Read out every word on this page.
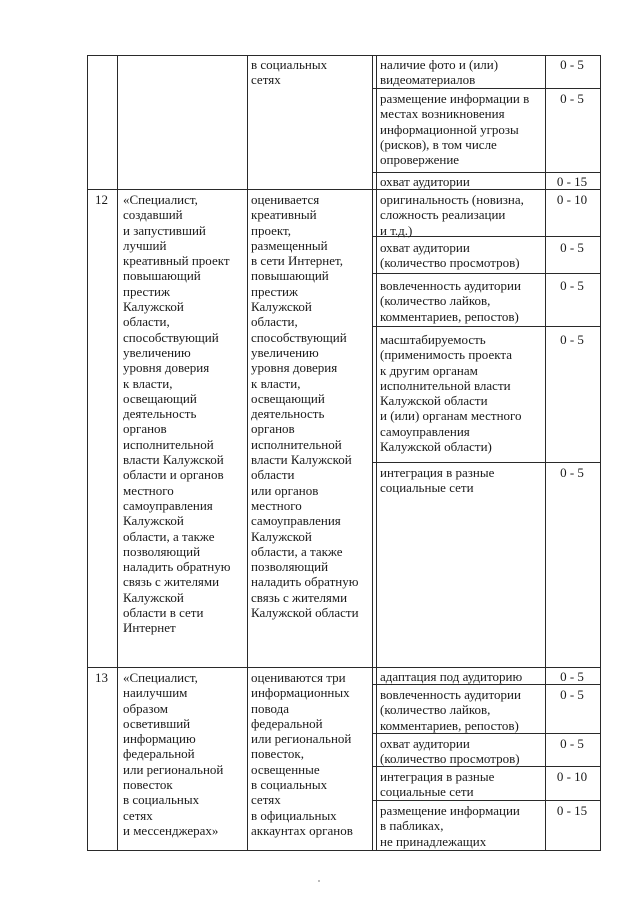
в социальных
сетях
наличие фото и (или)
видеоматериалов
0 - 5
размещение информации в
местах возникновения
информационной угрозы
(рисков), в том числе
опровержение
0 - 5
охват аудитории	0 - 15
12 «Специалист,
создавший
и запустивший
лучший
креативный проект
повышающий
престиж
Калужской
области,
способствующий
увеличению
уровня доверия
к власти,
освещающий
деятельность
органов
исполнительной
власти Калужской
области и органов
местного
самоуправления
Калужской
области, а также
позволяющий
наладить обратную
связь с жителями
Калужской
области в сети
Интернет
оценивается
креативный
проект,
размещенный
в сети Интернет,
повышающий
престиж
Калужской
области,
способствующий
увеличению
уровня доверия
к власти,
освещающий
деятельность
органов
исполнительной
власти Калужской
области
или органов
местного
самоуправления
Калужской
области, а также
позволяющий
наладить обратную
связь с жителями
Калужской области
оригинальность (новизна,
сложность реализации
и т.д.)
0 - 10
охват аудитории
(количество просмотров)
0 - 5
вовлеченность аудитории
(количество лайков,
комментариев, репостов)
0 - 5
масштабируемость
(применимость проекта
к другим органам
исполнительной власти
Калужской области
и (или) органам местного
самоуправления
Калужской области)
0 - 5
интеграция в разные
социальные сети
0 - 5
13 «Специалист,
наилучшим
образом
осветивший
информацию
федеральной
или региональной
повесток
в социальных
сетях
и мессенджерах»
оцениваются три
информационных
повода
федеральной
или региональной
повесток,
освещенные
в социальных
сетях
в официальных
аккаунтах органов
адаптация под аудиторию	0 - 5
вовлеченность аудитории
(количество лайков,
комментариев, репостов)
0 - 5
охват аудитории
(количество просмотров)
0 - 5
интеграция в разные
социальные сети
0 - 10
размещение информации
в пабликах,
не принадлежащих
0 - 15
